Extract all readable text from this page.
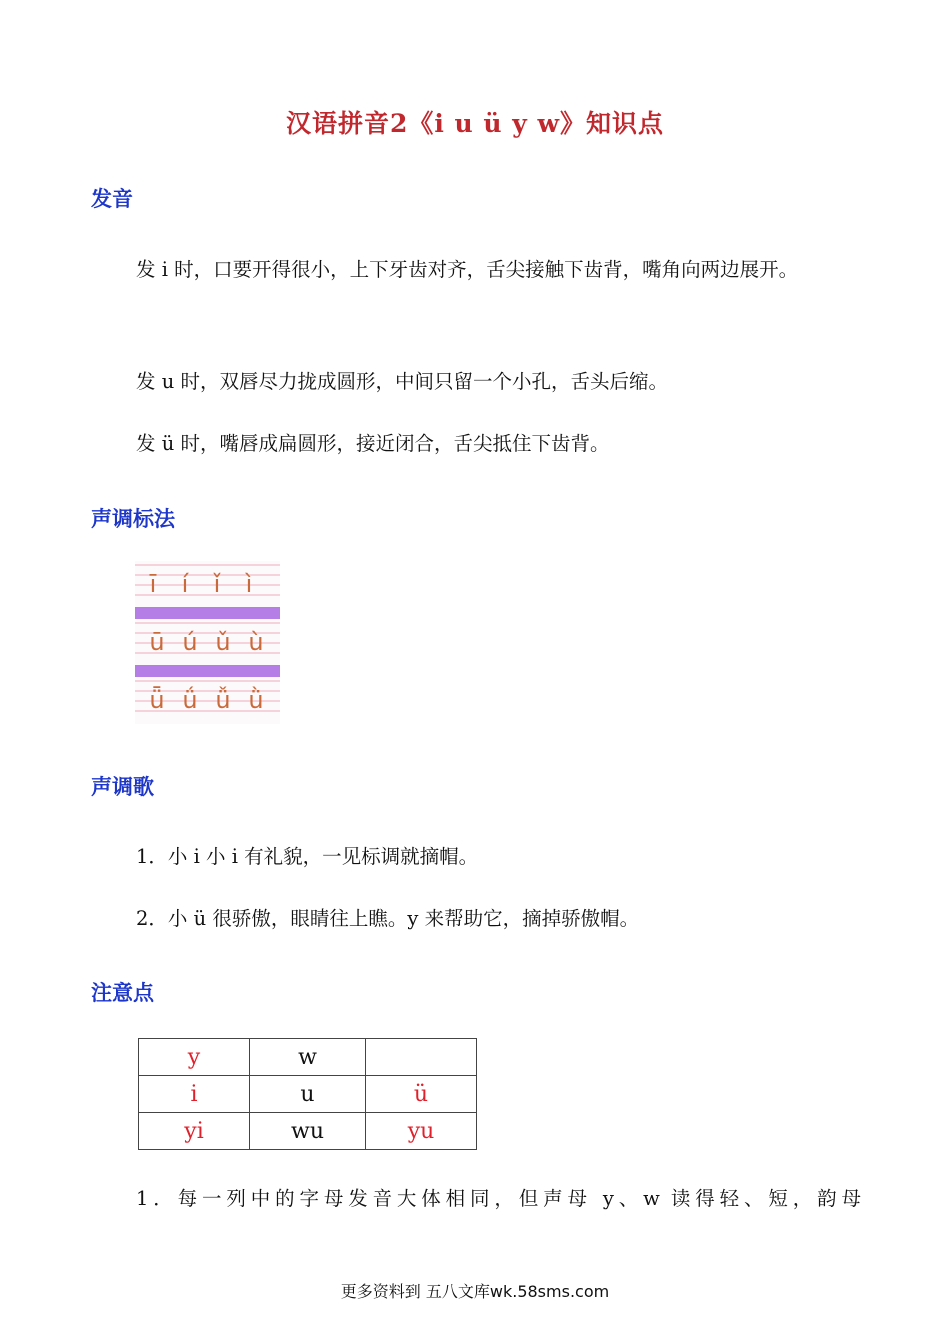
汉语拼音2《i u ü y w》知识点
发音
发 i 时，口要开得很小，上下牙齿对齐，舌尖接触下齿背，嘴角向两边展开。
发 u 时，双唇尽力拢成圆形，中间只留一个小孔，舌头后缩。
发 ü 时，嘴唇成扁圆形，接近闭合，舌尖抵住下齿背。
声调标法
ī í ǐ ì
ū ú ǔ ù
ǖ ǘ ǚ ǜ
声调歌
1．小 i 小 i 有礼貌，一见标调就摘帽。
2．小 ü 很骄傲，眼睛往上瞧。y 来帮助它，摘掉骄傲帽。
注意点
y	w	
i	u	ü
yi	wu	yu
1．每一列中的字母发音大体相同，但声母 y、w 读得轻、短，韵母
更多资料到 五八文库wk.58sms.com
